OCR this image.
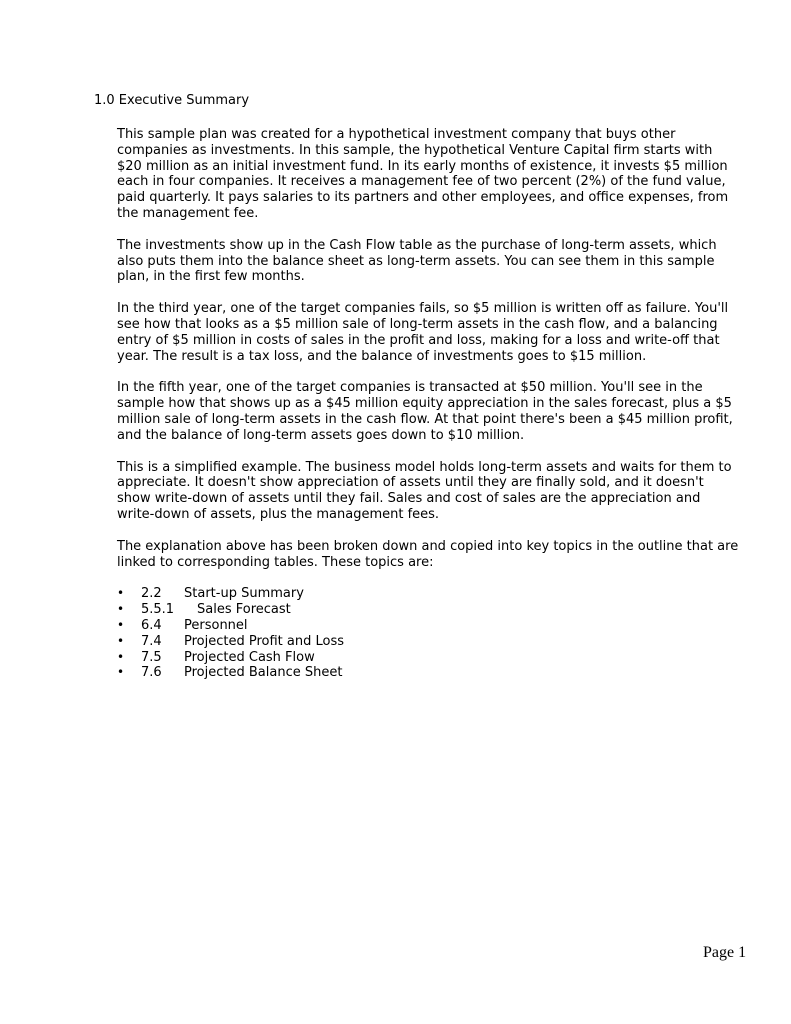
1.0 Executive Summary

This sample plan was created for a hypothetical investment company that buys other
companies as investments. In this sample, the hypothetical Venture Capital firm starts with
$20 million as an initial investment fund. In its early months of existence, it invests $5 million
each in four companies. It receives a management fee of two percent (2%) of the fund value,
paid quarterly. It pays salaries to its partners and other employees, and office expenses, from
the management fee.

The investments show up in the Cash Flow table as the purchase of long-term assets, which
also puts them into the balance sheet as long-term assets. You can see them in this sample
plan, in the first few months.

In the third year, one of the target companies fails, so $5 million is written off as failure. You'll
see how that looks as a $5 million sale of long-term assets in the cash flow, and a balancing
entry of $5 million in costs of sales in the profit and loss, making for a loss and write-off that
year. The result is a tax loss, and the balance of investments goes to $15 million.

In the fifth year, one of the target companies is transacted at $50 million. You'll see in the
sample how that shows up as a $45 million equity appreciation in the sales forecast, plus a $5
million sale of long-term assets in the cash flow. At that point there's been a $45 million profit,
and the balance of long-term assets goes down to $10 million.

This is a simplified example. The business model holds long-term assets and waits for them to
appreciate. It doesn't show appreciation of assets until they are finally sold, and it doesn't
show write-down of assets until they fail. Sales and cost of sales are the appreciation and
write-down of assets, plus the management fees.

The explanation above has been broken down and copied into key topics in the outline that are
linked to corresponding tables. These topics are:

• 2.2 Start-up Summary
• 5.5.1 Sales Forecast
• 6.4 Personnel
• 7.4 Projected Profit and Loss
• 7.5 Projected Cash Flow
• 7.6 Projected Balance Sheet
Page 1
